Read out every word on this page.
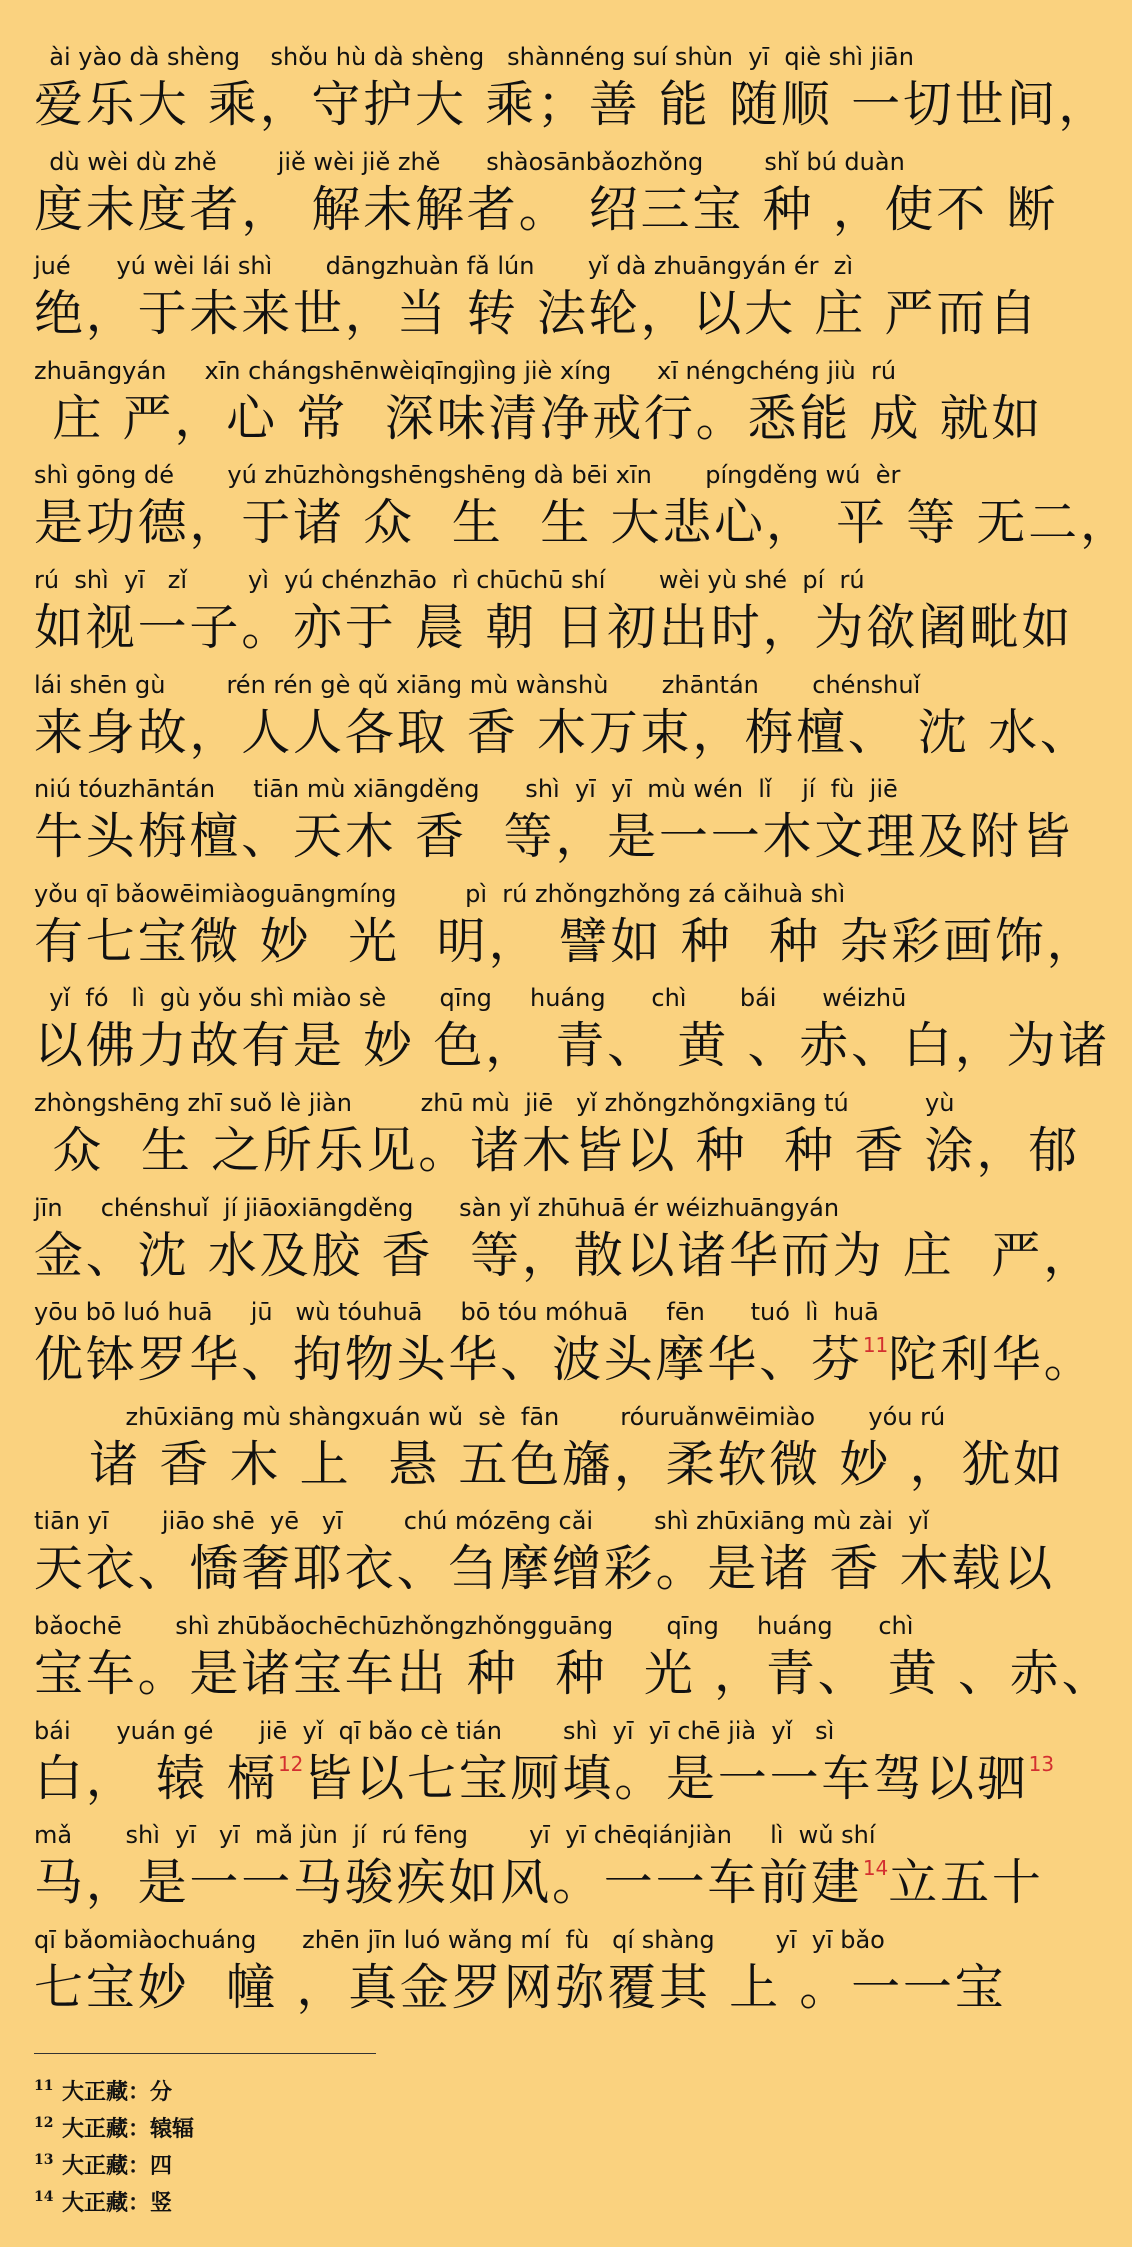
ài yào dà shèng    shǒu hù dà shèng   shànnéng suí shùn  yī  qiè shì jiān
爱乐大 乘，守护大 乘；善 能 随顺 一切世间，
dù wèi dù zhě        jiě wèi jiě zhě      shàosānbǎozhǒng        shǐ bú duàn
度未度者， 解未解者。 绍三宝 种 ，使不 断
jué      yú wèi lái shì       dāngzhuàn fǎ lún       yǐ dà zhuāngyán ér  zì
绝，于未来世，当 转 法轮，以大 庄 严而自
zhuāngyán     xīn chángshēnwèiqīngjìng jiè xíng      xī néngchéng jiù  rú
庄 严，心 常  深味清净戒行。悉能 成 就如
shì gōng dé       yú zhūzhòngshēngshēng dà bēi xīn       píngděng wú  èr
是功德，于诸 众  生  生 大悲心， 平 等 无二，
rú  shì  yī   zǐ        yì  yú chénzhāo  rì chūchū shí       wèi yù shé  pí  rú
如视一子。亦于 晨 朝 日初出时，为欲阇毗如
lái shēn gù        rén rén gè qǔ xiāng mù wànshù       zhāntán       chénshuǐ
来身故，人人各取 香 木万束，栴檀、 沈 水、
niú tóuzhāntán     tiān mù xiāngděng      shì  yī  yī  mù wén  lǐ    jí  fù  jiē
牛头栴檀、天木 香  等，是一一木文理及附皆
yǒu qī bǎowēimiàoguāngmíng         pì  rú zhǒngzhǒng zá cǎihuà shì
有七宝微 妙  光  明， 譬如 种  种 杂彩画饰，
yǐ  fó   lì  gù yǒu shì miào sè       qīng     huáng      chì       bái      wéizhū
以佛力故有是 妙 色， 青、 黄 、赤、白，为诸
zhòngshēng zhī suǒ lè jiàn         zhū mù  jiē   yǐ zhǒngzhǒngxiāng tú          yù
众  生 之所乐见。诸木皆以 种  种 香 涂，郁
jīn     chénshuǐ  jí jiāoxiāngděng      sàn yǐ zhūhuā ér wéizhuāngyán
金、沈 水及胶 香  等，散以诸华而为 庄  严，
yōu bō luó huā     jū   wù tóuhuā     bō tóu móhuā     fēn      tuó  lì  huā
优钵罗华、拘物头华、波头摩华、芬$^{11}$陀利华。
zhūxiāng mù shàngxuán wǔ  sè  fān        róuruǎnwēimiào       yóu rú
诸 香 木 上  悬 五色旛，柔软微 妙 ，犹如
tiān yī       jiāo shē  yē   yī        chú mózēng cǎi        shì zhūxiāng mù zài  yǐ
天衣、憍奢耶衣、刍摩缯彩。是诸 香 木载以
bǎochē       shì zhūbǎochēchūzhǒngzhǒngguāng       qīng     huáng      chì
宝车。是诸宝车出 种  种  光 ，青、 黄 、赤、
bái      yuán gé      jiē  yǐ  qī bǎo cè tián        shì  yī  yī chē jià  yǐ   sì
白， 辕 槅$^{12}$皆以七宝厕填。是一一车驾以驷$^{13}$
mǎ       shì  yī   yī  mǎ jùn  jí  rú fēng        yī  yī chēqiánjiàn     lì  wǔ shí
马，是一一马骏疾如风。一一车前建$^{14}$立五十
qī bǎomiàochuáng      zhēn jīn luó wǎng mí  fù   qí shàng        yī  yī bǎo
七宝妙  幢 ，真金罗网弥覆其 上 。一一宝
11 大正藏：分
12 大正藏：辕辐
13 大正藏：四
14 大正藏：竖
